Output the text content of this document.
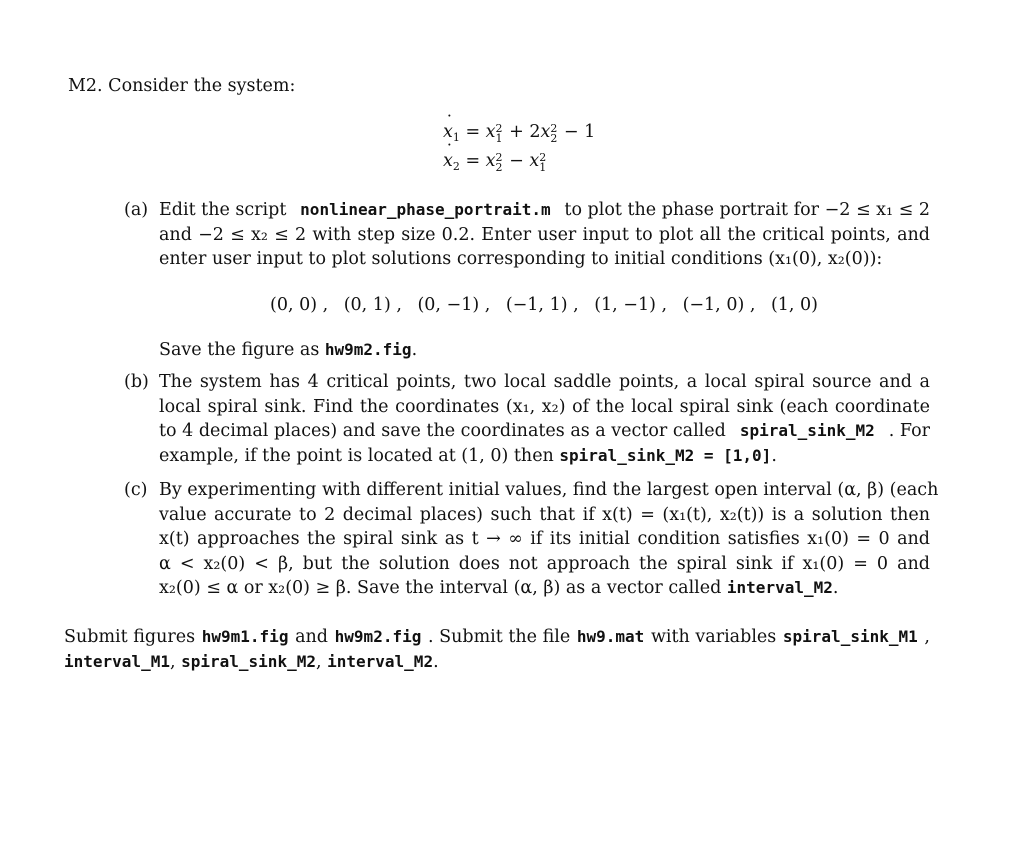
M2. Consider the system:
˙ $x_1 = x$ 2
1 + 2x 2
2 − 1
˙ $x_2 = x$ 2
2 − x 2
1
(a) Edit the script nonlinear_phase_portrait.m to plot the phase portrait for −2 ≤ x₁ ≤ 2
and −2 ≤ x₂ ≤ 2 with step size 0.2. Enter user input to plot all the critical points, and
enter user input to plot solutions corresponding to initial conditions (x₁(0), x₂(0)):
(0, 0) , (0, 1) , (0, −1) , (−1, 1) , (1, −1) , (−1, 0) , (1, 0)
Save the figure as hw9m2.fig.
(b) The system has 4 critical points, two local saddle points, a local spiral source and a
local spiral sink. Find the coordinates (x₁, x₂) of the local spiral sink (each coordinate
to 4 decimal places) and save the coordinates as a vector called spiral_sink_M2 . For
example, if the point is located at (1, 0) then spiral_sink_M2 = [1,0].
(c) By experimenting with different initial values, find the largest open interval (α, β) (each
value accurate to 2 decimal places) such that if x(t) = (x₁(t), x₂(t)) is a solution then
x(t) approaches the spiral sink as t → ∞ if its initial condition satisfies x₁(0) = 0 and
α < x₂(0) < β, but the solution does not approach the spiral sink if x₁(0) = 0 and
x₂(0) ≤ α or x₂(0) ≥ β. Save the interval (α, β) as a vector called interval_M2.
Submit figures hw9m1.fig and hw9m2.fig . Submit the file hw9.mat with variables spiral_sink_M1 ,
interval_M1, spiral_sink_M2, interval_M2.
